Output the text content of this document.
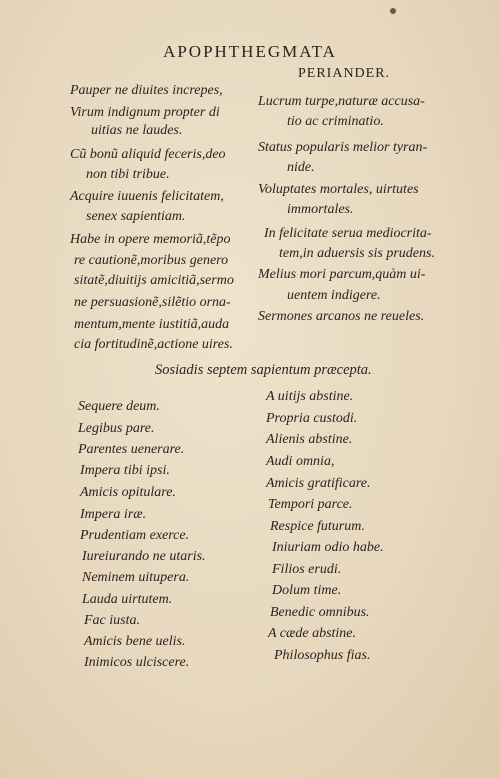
APOPHTHEGMATA
PERIANDER.
Pauper ne diuites increpes,
Virum indignum propter di
uitias ne laudes.
Cũ bonũ aliquid feceris,deo
non tibi tribue.
Acquire iuuenis felicitatem,
senex sapientiam.
Habe in opere memoriã,tẽpo
re cautionẽ,moribus genero
sitatẽ,diuitijs amicitiã,sermo
ne persuasionẽ,silẽtio orna-
mentum,mente iustitiã,auda
cia fortitudinẽ,actione uires.
Lucrum turpe,naturæ accusa-
tio ac criminatio.
Status popularis melior tyran-
nide.
Voluptates mortales, uirtutes
immortales.
In felicitate serua mediocrita-
tem,in aduersis sis prudens.
Melius mori parcum,quàm ui-
uentem indigere.
Sermones arcanos ne reueles.
Sosiadis septem sapientum præcepta.
Sequere deum.
Legibus pare.
Parentes uenerare.
Impera tibi ipsi.
Amicis opitulare.
Impera iræ.
Prudentiam exerce.
Iureiurando ne utaris.
Neminem uitupera.
Lauda uirtutem.
Fac iusta.
Amicis bene uelis.
Inimicos ulciscere.
A uitijs abstine.
Propria custodi.
Alienis abstine.
Audi omnia,
Amicis gratificare.
Tempori parce.
Respice futurum.
Iniuriam odio habe.
Filios erudi.
Dolum time.
Benedic omnibus.
A cæde abstine.
Philosophus fias.
